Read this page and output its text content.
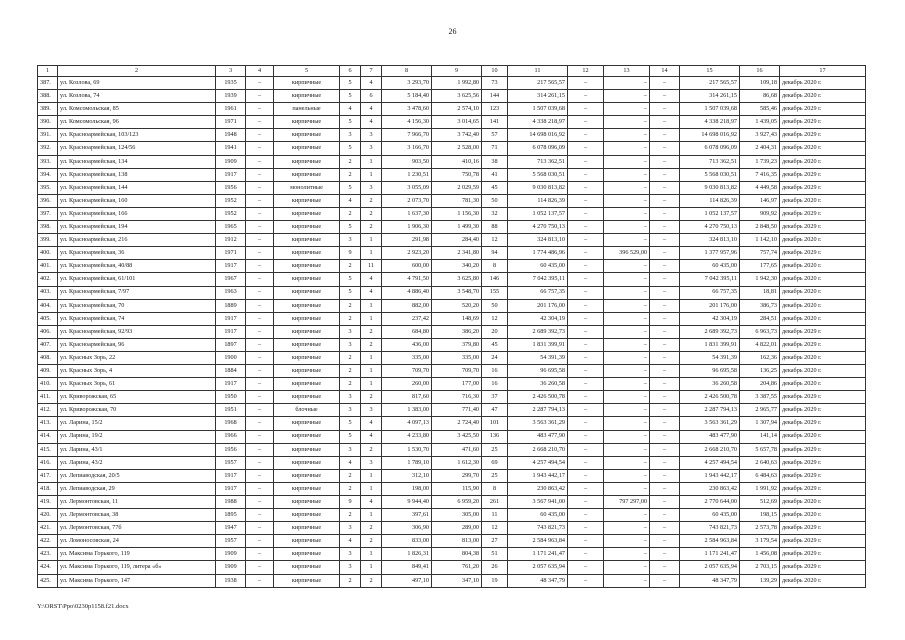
26
1	2	3	4	5	6	7	8	9	10	11	12	13	14	15	16	17
387.	ул. Козлова, 69	1935	–	кирпичные	5	4	3 293,70	1 992,80	73	217 565,57	–	–	–	217 565,57	109,18	декабрь 2020 г.
388.	ул. Козлова, 74	1939	–	кирпичные	5	6	5 184,40	3 625,56	144	314 261,15	–	–	–	314 261,15	86,68	декабрь 2020 г.
389.	ул. Комсомольская, 85	1961	–	панельные	4	4	3 478,60	2 574,10	123	1 507 039,68	–	–	–	1 507 039,68	585,46	декабрь 2029 г.
390.	ул. Комсомольская, 96	1971	–	кирпичные	5	4	4 156,30	3 014,65	141	4 338 218,97	–	–	–	4 338 218,97	1 439,05	декабрь 2029 г.
391.	ул. Красноармейская, 103/123	1948	–	кирпичные	3	3	7 966,70	3 742,40	57	14 698 016,92	–	–	–	14 698 016,92	3 927,43	декабрь 2029 г.
392.	ул. Красноармейская, 124/56	1941	–	кирпичные	5	3	3 166,70	2 528,00	71	6 078 096,09	–	–	–	6 078 096,09	2 404,31	декабрь 2020 г.
393.	ул. Красноармейская, 134	1909	–	кирпичные	2	1	903,50	410,16	38	713 362,51	–	–	–	713 362,51	1 739,23	декабрь 2020 г.
394.	ул. Красноармейская, 138	1917	–	кирпичные	2	1	1 230,51	750,78	41	5 568 030,51	–	–	–	5 568 030,51	7 416,35	декабрь 2029 г.
395.	ул. Красноармейская, 144	1956	–	монолитные	5	3	3 055,09	2 029,59	45	9 030 813,82	–	–	–	9 030 813,82	4 449,58	декабрь 2029 г.
396.	ул. Красноармейская, 160	1952	–	кирпичные	4	2	2 073,70	781,30	50	114 826,39	–	–	–	114 826,39	146,97	декабрь 2020 г.
397.	ул. Красноармейская, 166	1952	–	кирпичные	2	2	1 637,30	1 156,30	32	1 052 137,57	–	–	–	1 052 137,57	909,92	декабрь 2029 г.
398.	ул. Красноармейская, 194	1965	–	кирпичные	5	2	1 906,30	1 499,30	88	4 270 750,13	–	–	–	4 270 750,13	2 848,50	декабрь 2029 г.
399.	ул. Красноармейская, 216	1912	–	кирпичные	3	1	291,98	284,40	12	324 813,10	–	–	–	324 813,10	1 142,10	декабрь 2020 г.
400.	ул. Красноармейская, 36	1971	–	кирпичные	9	1	2 923,20	2 341,80	94	1 774 486,96	–	396 529,00	–	1 377 957,96	757,74	декабрь 2029 г.
401.	ул. Красноармейская, 40/88	1917	–	кирпичные	2	11	600,00	340,20	8	60 435,00	–	–	–	60 435,00	177,65	декабрь 2020 г.
402.	ул. Красноармейская, 61/101	1967	–	кирпичные	5	4	4 791,50	3 625,80	146	7 042 395,11	–	–	–	7 042 395,11	1 942,30	декабрь 2020 г.
403.	ул. Красноармейская, 7/97	1963	–	кирпичные	5	4	4 886,40	3 548,70	155	66 757,35	–	–	–	66 757,35	18,81	декабрь 2020 г.
404.	ул. Красноармейская, 70	1889	–	кирпичные	2	1	882,00	520,20	50	201 176,00	–	–	–	201 176,00	386,73	декабрь 2020 г.
405.	ул. Красноармейская, 74	1917	–	кирпичные	2	1	237,42	148,69	12	42 304,19	–	–	–	42 304,19	284,51	декабрь 2020 г.
406.	ул. Красноармейская, 92/93	1917	–	кирпичные	3	2	684,80	386,20	20	2 689 392,73	–	–	–	2 689 392,73	6 963,73	декабрь 2029 г.
407.	ул. Красноармейская, 96	1897	–	кирпичные	3	2	436,00	379,80	45	1 831 399,91	–	–	–	1 831 399,91	4 822,01	декабрь 2029 г.
408.	ул. Красных Зорь, 22	1900	–	кирпичные	2	1	335,00	335,00	24	54 391,39	–	–	–	54 391,39	162,36	декабрь 2020 г.
409.	ул. Красных Зорь, 4	1884	–	кирпичные	2	1	709,70	709,70	16	96 695,58	–	–	–	96 695,58	136,25	декабрь 2020 г.
410.	ул. Красных Зорь, 61	1917	–	кирпичные	2	1	260,00	177,00	16	36 260,58	–	–	–	36 260,58	204,86	декабрь 2020 г.
411.	ул. Криворожская, 65	1950	–	кирпичные	3	2	817,60	716,30	37	2 426 500,78	–	–	–	2 426 500,78	3 387,55	декабрь 2029 г.
412.	ул. Криворожская, 70	1951	–	блочные	3	3	1 383,00	771,40	47	2 287 794,13	–	–	–	2 287 794,13	2 965,77	декабрь 2029 г.
413.	ул. Ларина, 15/2	1968	–	кирпичные	5	4	4 097,13	2 724,40	101	3 563 361,29	–	–	–	3 563 361,29	1 307,94	декабрь 2029 г.
414.	ул. Ларина, 19/2	1966	–	кирпичные	5	4	4 233,80	3 425,50	136	483 477,90	–	–	–	483 477,90	141,14	декабрь 2020 г.
415.	ул. Ларина, 43/1	1956	–	кирпичные	3	2	1 530,70	471,60	25	2 668 210,70	–	–	–	2 668 210,70	5 657,78	декабрь 2029 г.
416.	ул. Ларина, 43/2	1957	–	кирпичные	4	3	1 789,10	1 612,30	69	4 257 494,54	–	–	–	4 257 494,54	2 640,63	декабрь 2029 г.
417.	ул. Лепиаводская, 20/5	1917	–	кирпичные	2	1	312,10	299,70	25	1 943 442,17	–	–	–	1 943 442,17	6 484,63	декабрь 2029 г.
418.	ул. Лепиаводская, 29	1917	–	кирпичные	2	1	198,00	115,90	8	230 863,42	–	–	–	230 863,42	1 991,92	декабрь 2029 г.
419.	ул. Лермонтовская, 11	1988	–	кирпичные	9	4	9 944,40	6 959,20	261	3 567 941,00	–	797 297,00	–	2 770 644,00	512,69	декабрь 2020 г.
420.	ул. Лермонтовская, 38	1895	–	кирпичные	2	1	397,61	305,00	11	60 435,00	–	–	–	60 435,00	198,15	декабрь 2020 г.
421.	ул. Лермонтовская, 77б	1947	–	кирпичные	3	2	306,90	289,00	12	743 821,73	–	–	–	743 821,73	2 573,78	декабрь 2029 г.
422.	ул. Ломоносовская, 24	1957	–	кирпичные	4	2	833,00	813,00	27	2 584 963,84	–	–	–	2 584 963,84	3 179,54	декабрь 2029 г.
423.	ул. Максима Горького, 119	1909	–	кирпичные	3	1	1 826,31	804,38	51	1 171 241,47	–	–	–	1 171 241,47	1 456,08	декабрь 2029 г.
424.	ул. Максима Горького, 119, литера «б»	1909	–	кирпичные	3	1	849,41	761,20	26	2 057 635,94	–	–	–	2 057 635,94	2 703,15	декабрь 2029 г.
425.	ул. Максима Горького, 147	1938	–	кирпичные	2	2	497,10	347,10	19	48 347,79	–	–	–	48 347,79	139,29	декабрь 2020 г.
Y:\ORST\Ppo\0230p1158.f21.docx
